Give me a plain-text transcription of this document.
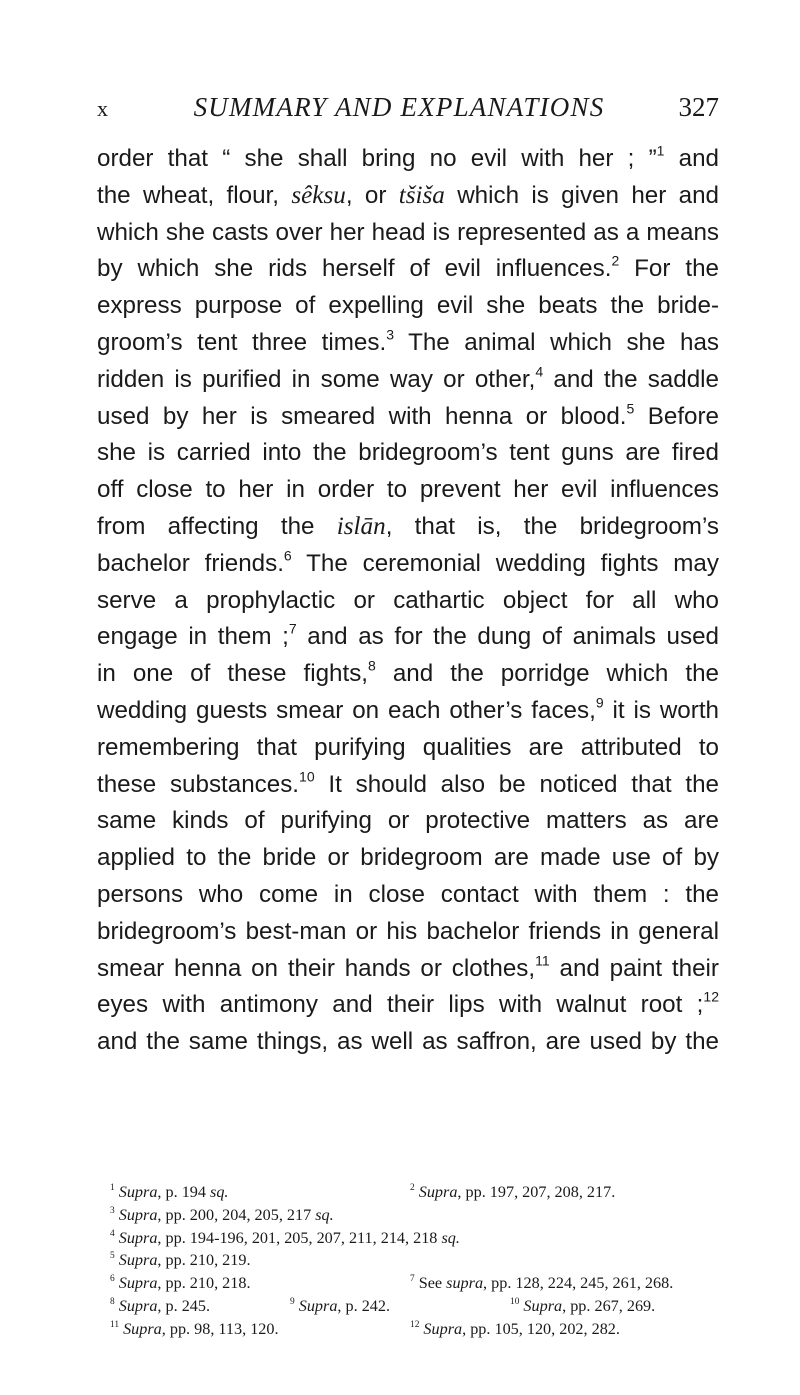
x	SUMMARY AND EXPLANATIONS	327
order that “ she shall bring no evil with her ; ”$^1$ and
the wheat, flour, sêksu, or tšiša which is given her and
which she casts over her head is represented as a means
by which she rids herself of evil influences.$^2$ For the
express purpose of expelling evil she beats the bride-
groom’s tent three times.$^3$ The animal which she has
ridden is purified in some way or other,$^4$ and the saddle
used by her is smeared with henna or blood.$^5$ Before
she is carried into the bridegroom’s tent guns are fired
off close to her in order to prevent her evil influences
from affecting the islān, that is, the bridegroom’s
bachelor friends.$^6$ The ceremonial wedding fights may
serve a prophylactic or cathartic object for all who
engage in them ;$^7$ and as for the dung of animals used
in one of these fights,$^8$ and the porridge which the
wedding guests smear on each other’s faces,$^9$ it is worth
remembering that purifying qualities are attributed to
these substances.$^{10}$ It should also be noticed that the
same kinds of purifying or protective matters as are
applied to the bride or bridegroom are made use of by
persons who come in close contact with them : the
bridegroom’s best-man or his bachelor friends in general
smear henna on their hands or clothes,$^{11}$ and paint their
eyes with antimony and their lips with walnut root ;$^{12}$
and the same things, as well as saffron, are used by the
$^1$ Supra, p. 194 sq.	$^2$ Supra, pp. 197, 207, 208, 217.
$^3$ Supra, pp. 200, 204, 205, 217 sq.
$^4$ Supra, pp. 194-196, 201, 205, 207, 211, 214, 218 sq.
$^5$ Supra, pp. 210, 219.
$^6$ Supra, pp. 210, 218.	$^7$ See supra, pp. 128, 224, 245, 261, 268.
$^8$ Supra, p. 245.	$^9$ Supra, p. 242.	$^{10}$ Supra, pp. 267, 269.
$^{11}$ Supra, pp. 98, 113, 120.	$^{12}$ Supra, pp. 105, 120, 202, 282.
